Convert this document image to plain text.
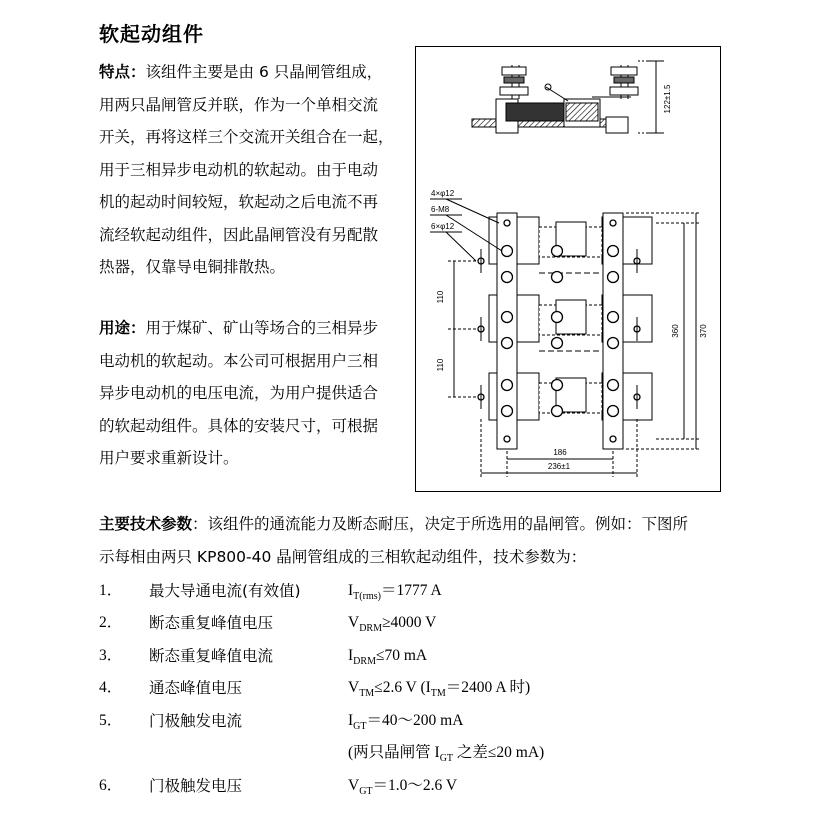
软起动组件
特点：该组件主要是由 6 只晶闸管组成，
用两只晶闸管反并联，作为一个单相交流
开关，再将这样三个交流开关组合在一起，
用于三相异步电动机的软起动。由于电动
机的起动时间较短，软起动之后电流不再
流经软起动组件，因此晶闸管没有另配散
热器，仅靠导电铜排散热。
用途：用于煤矿、矿山等场合的三相异步
电动机的软起动。本公司可根据用户三相
异步电动机的电压电流，为用户提供适合
的软起动组件。具体的安装尺寸，可根据
用户要求重新设计。
122±1.5
4×φ12
6-M8
6×φ12
110
110
360 370
186
236±1
主要技术参数：该组件的通流能力及断态耐压，决定于所选用的晶闸管。例如：下图所
示每相由两只 KP800-40 晶闸管组成的三相软起动组件，技术参数为：
1．	最大导通电流(有效值)	$I_{T(rms)}=1777$ A
2．	断态重复峰值电压	$V_{DRM}\ge 4000$ V
3．	断态重复峰值电流	$I_{DRM}\le 70$ mA
4．	通态峰值电压	$V_{TM}\le 2.6$ V ($I_{TM}=2400$ A 时)
5．	门极触发电流	$I_{GT}=40\sim 200$ mA
(两只晶闸管 $I_{GT}$ 之差≤20 mA)
6．	门极触发电压	$V_{GT}=1.0\sim 2.6$ V
